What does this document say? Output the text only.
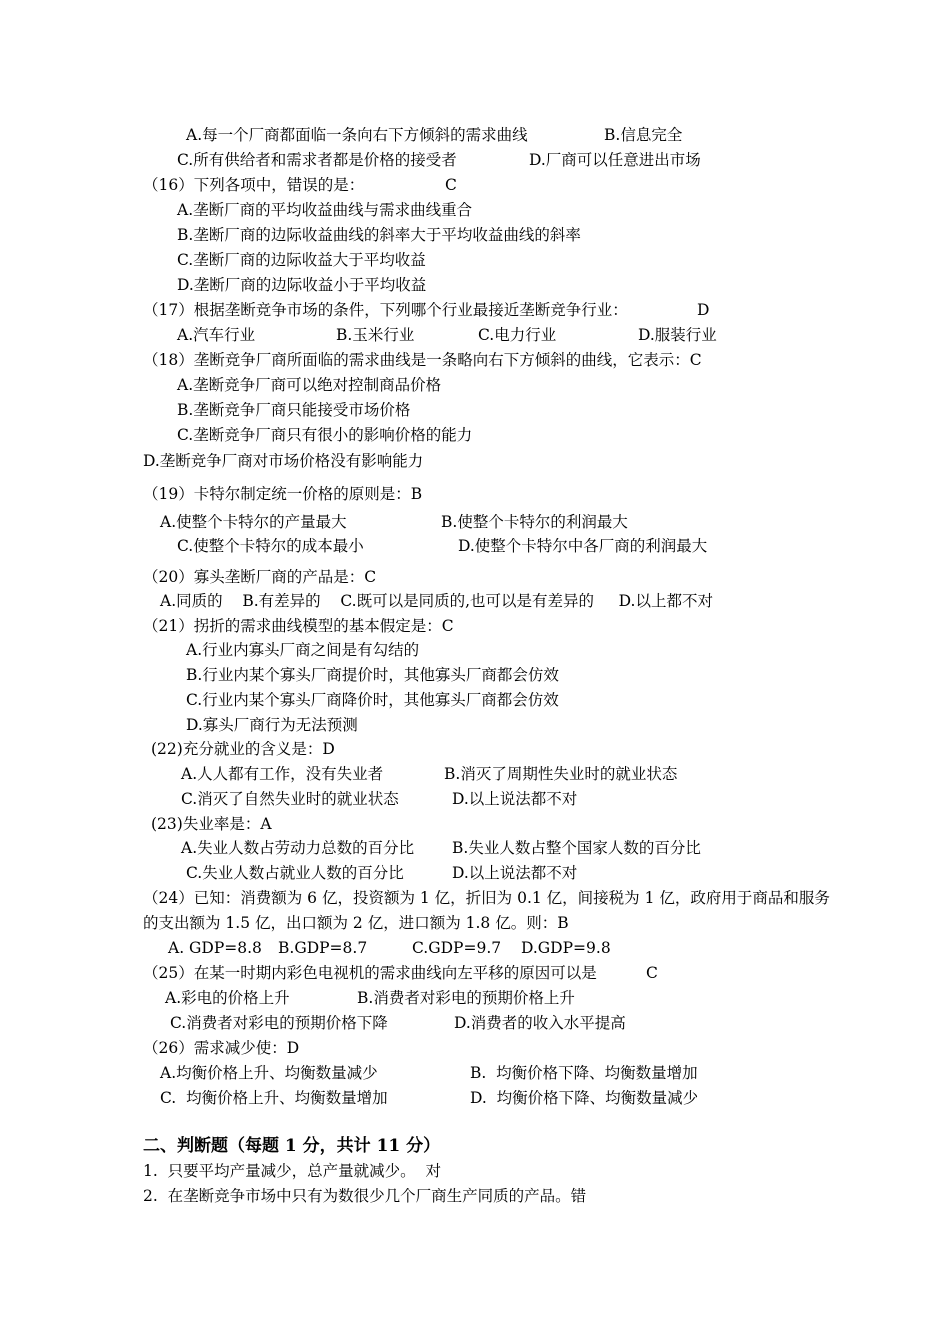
A.每一个厂商都面临一条向右下方倾斜的需求曲线	B.信息完全
C.所有供给者和需求者都是价格的接受者	D.厂商可以任意进出市场
（16）下列各项中，错误的是：	C
A.垄断厂商的平均收益曲线与需求曲线重合
B.垄断厂商的边际收益曲线的斜率大于平均收益曲线的斜率
C.垄断厂商的边际收益大于平均收益
D.垄断厂商的边际收益小于平均收益
（17）根据垄断竞争市场的条件，下列哪个行业最接近垄断竞争行业：	D
A.汽车行业	B.玉米行业	C.电力行业	D.服装行业
（18）垄断竞争厂商所面临的需求曲线是一条略向右下方倾斜的曲线，它表示：C
A.垄断竞争厂商可以绝对控制商品价格
B.垄断竞争厂商只能接受市场价格
C.垄断竞争厂商只有很小的影响价格的能力
D.垄断竞争厂商对市场价格没有影响能力
（19）卡特尔制定统一价格的原则是：B
A.使整个卡特尔的产量最大	B.使整个卡特尔的利润最大
C.使整个卡特尔的成本最小	D.使整个卡特尔中各厂商的利润最大
（20）寡头垄断厂商的产品是：C
A.同质的    B.有差异的    C.既可以是同质的,也可以是有差异的     D.以上都不对
（21）拐折的需求曲线模型的基本假定是：C
A.行业内寡头厂商之间是有勾结的
B.行业内某个寡头厂商提价时，其他寡头厂商都会仿效
C.行业内某个寡头厂商降价时，其他寡头厂商都会仿效
D.寡头厂商行为无法预测
(22)充分就业的含义是：D
A.人人都有工作，没有失业者	B.消灭了周期性失业时的就业状态
C.消灭了自然失业时的就业状态	D.以上说法都不对
(23)失业率是：A
A.失业人数占劳动力总数的百分比 B.失业人数占整个国家人数的百分比
C.失业人数占就业人数的百分比	D.以上说法都不对
（24）已知：消费额为 6 亿，投资额为 1 亿，折旧为 0.1 亿，间接税为 1 亿，政府用于商品和服务
的支出额为 1.5 亿，出口额为 2 亿，进口额为 1.8 亿。则：B
A. GDP=8.8 B.GDP=8.7	C.GDP=9.7 D.GDP=9.8
（25）在某一时期内彩色电视机的需求曲线向左平移的原因可以是	C
A.彩电的价格上升	B.消费者对彩电的预期价格上升
C.消费者对彩电的预期价格下降	D.消费者的收入水平提高
（26）需求减少使：D
A.均衡价格上升、均衡数量减少	B.  均衡价格下降、均衡数量增加
C.  均衡价格上升、均衡数量增加	D.  均衡价格下降、均衡数量减少
二、判断题（每题 1 分，共计 11 分）
1.  只要平均产量减少，总产量就减少。  对
2.  在垄断竞争市场中只有为数很少几个厂商生产同质的产品。错
